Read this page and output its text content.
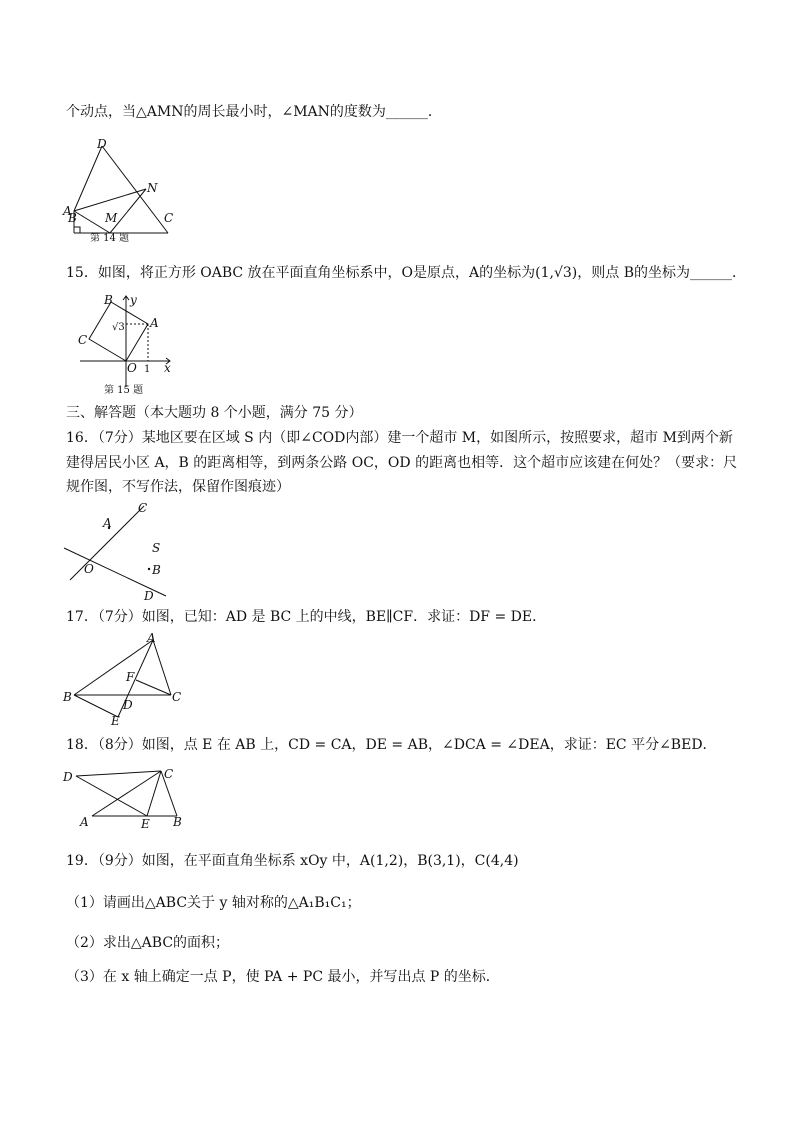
个动点，当△AMN的周长最小时，∠MAN的度数为______．
D
A
N
B M	C
第 14 题
15．如图，将正方形 OABC 放在平面直角坐标系中，O是原点，A的坐标为(1,√3)，则点 B的坐标为______．
B y
A
C
√3
O 1 x
第 15 题
三、解答题（本大题功 8 个小题，满分 75 分）
16．（7分）某地区要在区域 S 内（即∠COD内部）建一个超市 M，如图所示，按照要求，超市 M到两个新
建得居民小区 A，B 的距离相等，到两条公路 OC，OD 的距离也相等．这个超市应该建在何处？（要求：尺
规作图，不写作法，保留作图痕迹）
C
A
S
O	B
D
17．（7分）如图，已知：AD 是 BC 上的中线，BE∥CF．求证：DF = DE．
A
F
B
D
C
E
18．（8分）如图，点 E 在 AB 上，CD = CA，DE = AB，∠DCA = ∠DEA，求证：EC 平分∠BED．
D	C
A	E B
19．（9分）如图，在平面直角坐标系 xOy 中，A(1,2)，B(3,1)，C(4,4)
（1）请画出△ABC关于 y 轴对称的△A₁B₁C₁；
（2）求出△ABC的面积；
（3）在 x 轴上确定一点 P，使 PA + PC 最小，并写出点 P 的坐标．
